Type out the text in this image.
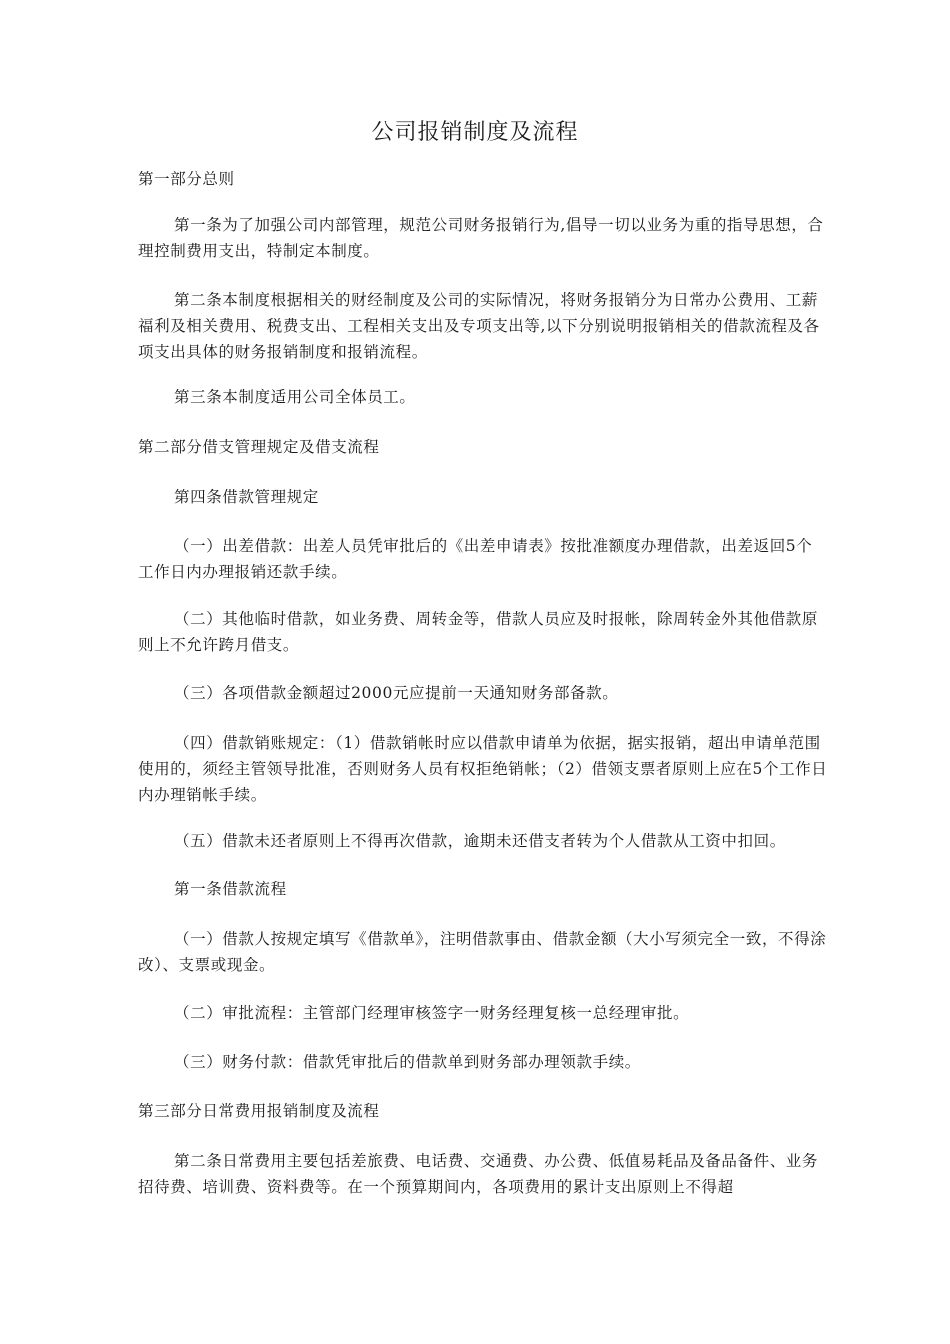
公司报销制度及流程

第一部分总则

第一条为了加强公司内部管理，规范公司财务报销行为,倡导一切以业务为重的指导思想，合理控制费用支出，特制定本制度。

第二条本制度根据相关的财经制度及公司的实际情况，将财务报销分为日常办公费用、工薪福利及相关费用、税费支出、工程相关支出及专项支出等,以下分别说明报销相关的借款流程及各项支出具体的财务报销制度和报销流程。

第三条本制度适用公司全体员工。

第二部分借支管理规定及借支流程

第四条借款管理规定

（一）出差借款：出差人员凭审批后的《出差申请表》按批准额度办理借款，出差返回5个工作日内办理报销还款手续。

（二）其他临时借款，如业务费、周转金等，借款人员应及时报帐，除周转金外其他借款原则上不允许跨月借支。

（三）各项借款金额超过2000元应提前一天通知财务部备款。

（四）借款销账规定：（1）借款销帐时应以借款申请单为依据，据实报销，超出申请单范围使用的，须经主管领导批准，否则财务人员有权拒绝销帐；（2）借领支票者原则上应在5个工作日内办理销帐手续。

（五）借款未还者原则上不得再次借款，逾期未还借支者转为个人借款从工资中扣回。

第一条借款流程

（一）借款人按规定填写《借款单》，注明借款事由、借款金额（大小写须完全一致，不得涂改）、支票或现金。

（二）审批流程：主管部门经理审核签字一财务经理复核一总经理审批。

（三）财务付款：借款凭审批后的借款单到财务部办理领款手续。

第三部分日常费用报销制度及流程

第二条日常费用主要包括差旅费、电话费、交通费、办公费、低值易耗品及备品备件、业务招待费、培训费、资料费等。在一个预算期间内，各项费用的累计支出原则上不得超
